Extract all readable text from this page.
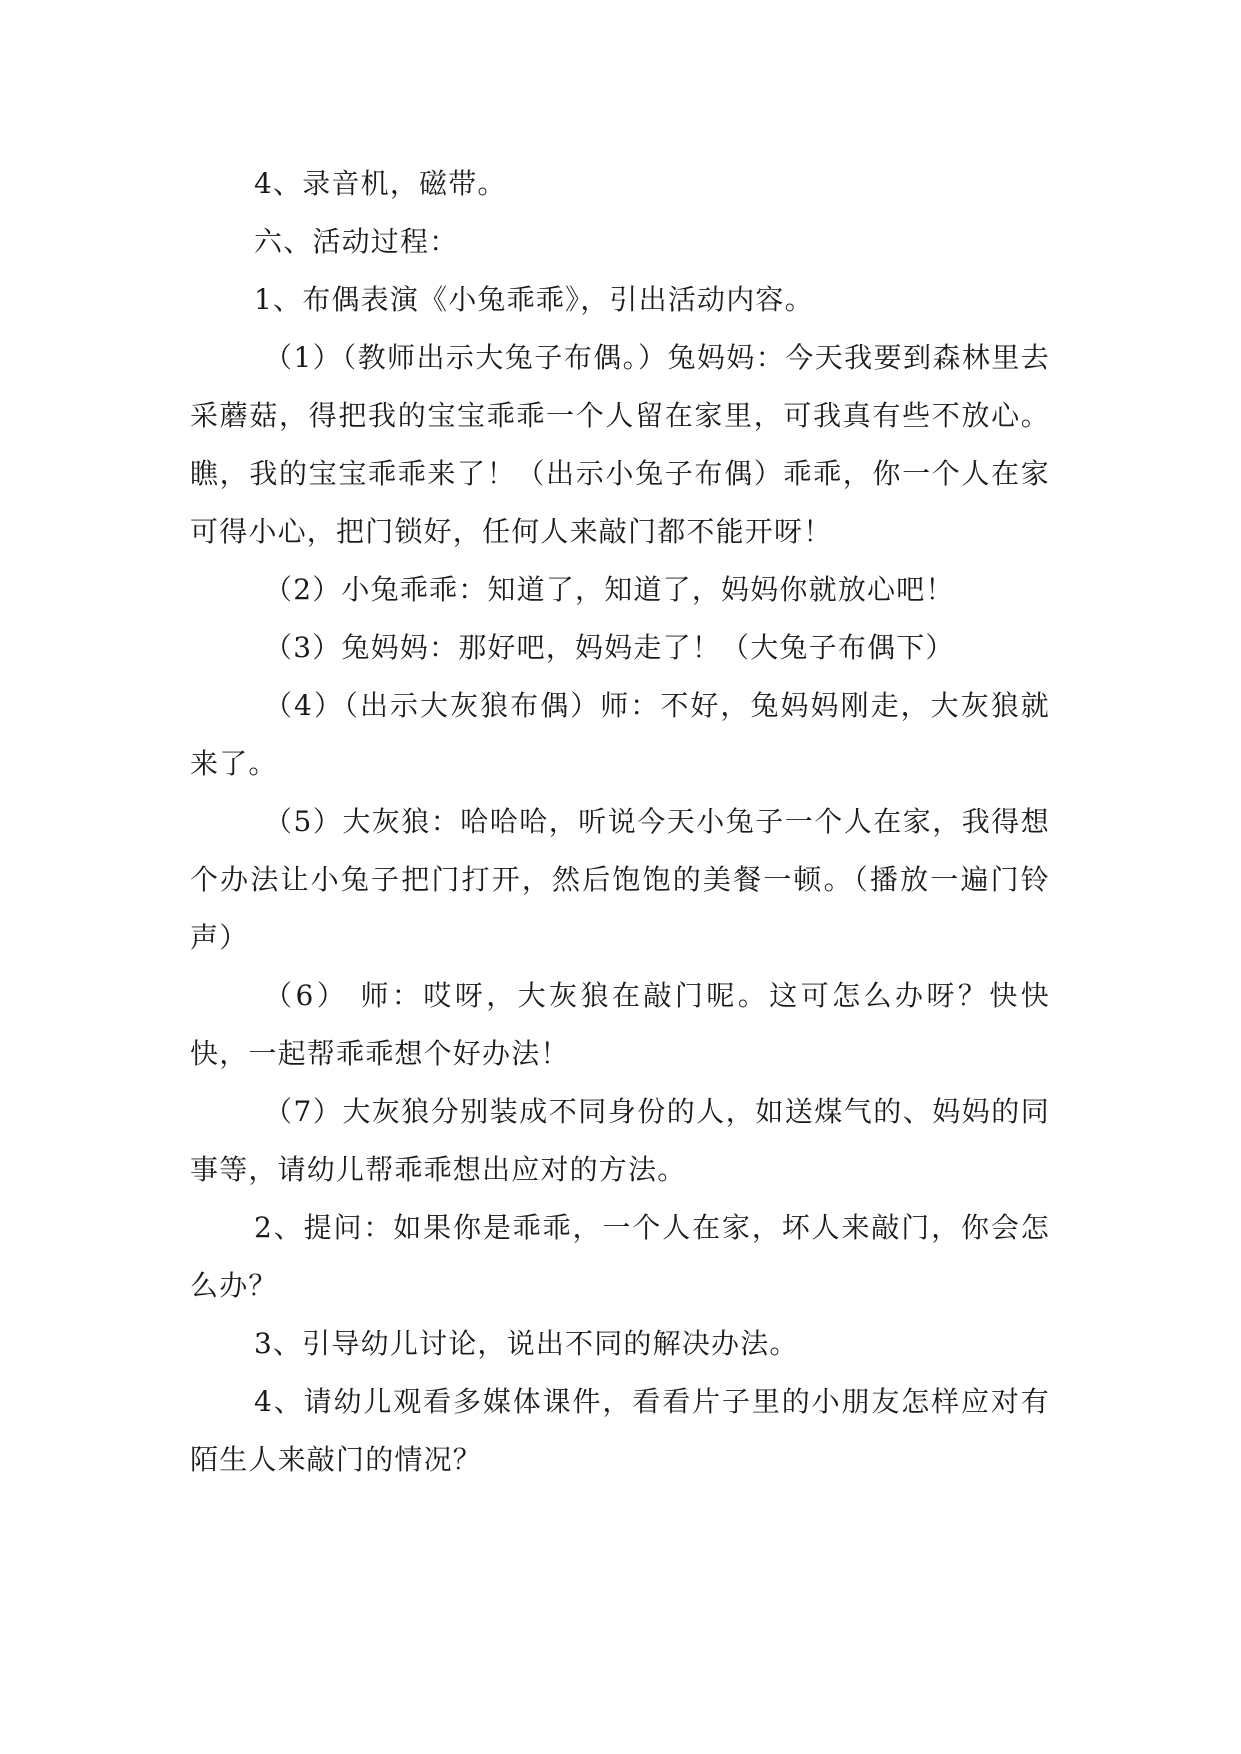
4、录音机，磁带。

六、活动过程：

1、布偶表演《小兔乖乖》，引出活动内容。

（1）（教师出示大兔子布偶。）兔妈妈：今天我要到森林里去采蘑菇，得把我的宝宝乖乖一个人留在家里，可我真有些不放心。瞧，我的宝宝乖乖来了！（出示小兔子布偶）乖乖，你一个人在家可得小心，把门锁好，任何人来敲门都不能开呀！

（2）小兔乖乖：知道了，知道了，妈妈你就放心吧！

（3）兔妈妈：那好吧，妈妈走了！（大兔子布偶下）

（4）（出示大灰狼布偶）师：不好，兔妈妈刚走，大灰狼就来了。

（5）大灰狼：哈哈哈，听说今天小兔子一个人在家，我得想个办法让小兔子把门打开，然后饱饱的美餐一顿。（播放一遍门铃声）

（6） 师：哎呀，大灰狼在敲门呢。这可怎么办呀？快快快，一起帮乖乖想个好办法！

（7）大灰狼分别装成不同身份的人，如送煤气的、妈妈的同事等，请幼儿帮乖乖想出应对的方法。

2、提问：如果你是乖乖，一个人在家，坏人来敲门，你会怎么办？

3、引导幼儿讨论，说出不同的解决办法。

4、请幼儿观看多媒体课件，看看片子里的小朋友怎样应对有陌生人来敲门的情况？
